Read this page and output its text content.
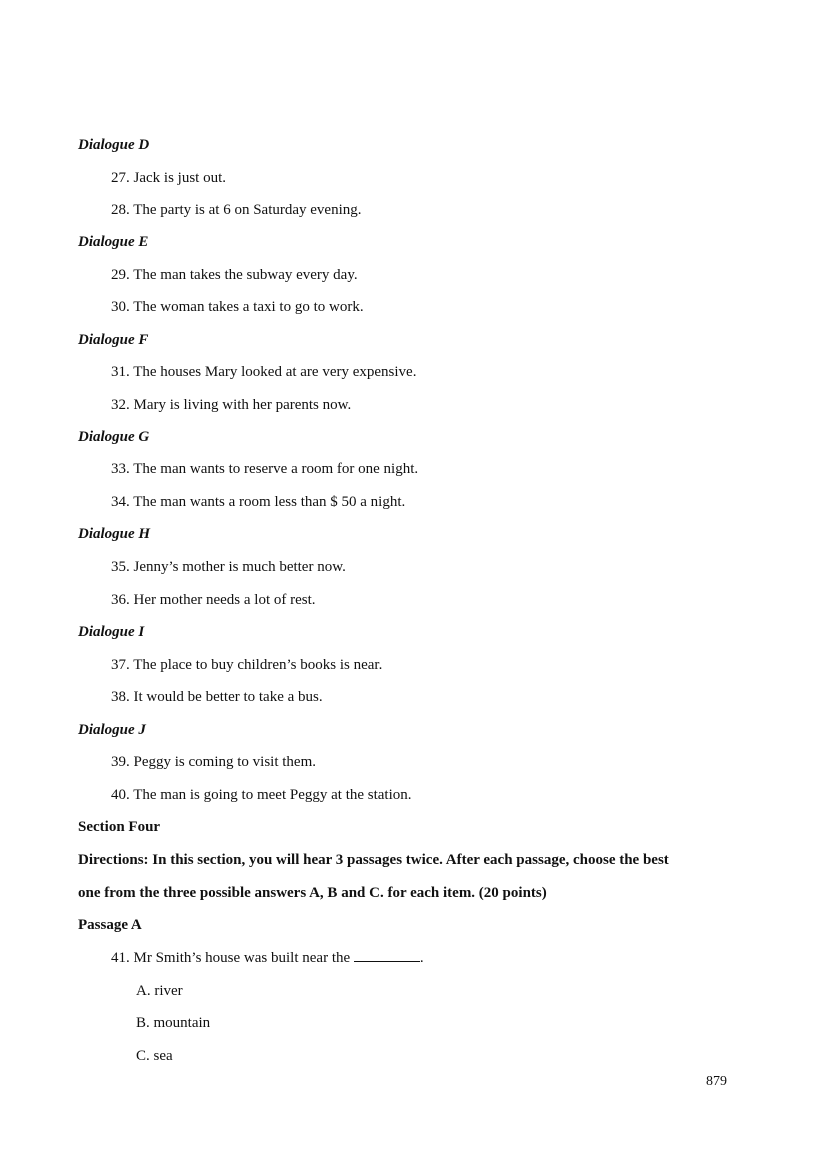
Dialogue D
27. Jack is just out.
28. The party is at 6 on Saturday evening.
Dialogue E
29. The man takes the subway every day.
30. The woman takes a taxi to go to work.
Dialogue F
31. The houses Mary looked at are very expensive.
32. Mary is living with her parents now.
Dialogue G
33. The man wants to reserve a room for one night.
34. The man wants a room less than $ 50 a night.
Dialogue H
35. Jenny’s mother is much better now.
36. Her mother needs a lot of rest.
Dialogue I
37. The place to buy children’s books is near.
38. It would be better to take a bus.
Dialogue J
39. Peggy is coming to visit them.
40. The man is going to meet Peggy at the station.
Section Four
Directions: In this section, you will hear 3 passages twice. After each passage, choose the best
one from the three possible answers A, B and C. for each item. (20 points)
Passage A
41. Mr Smith’s house was built near the	.
A. river
B. mountain
C. sea
879
